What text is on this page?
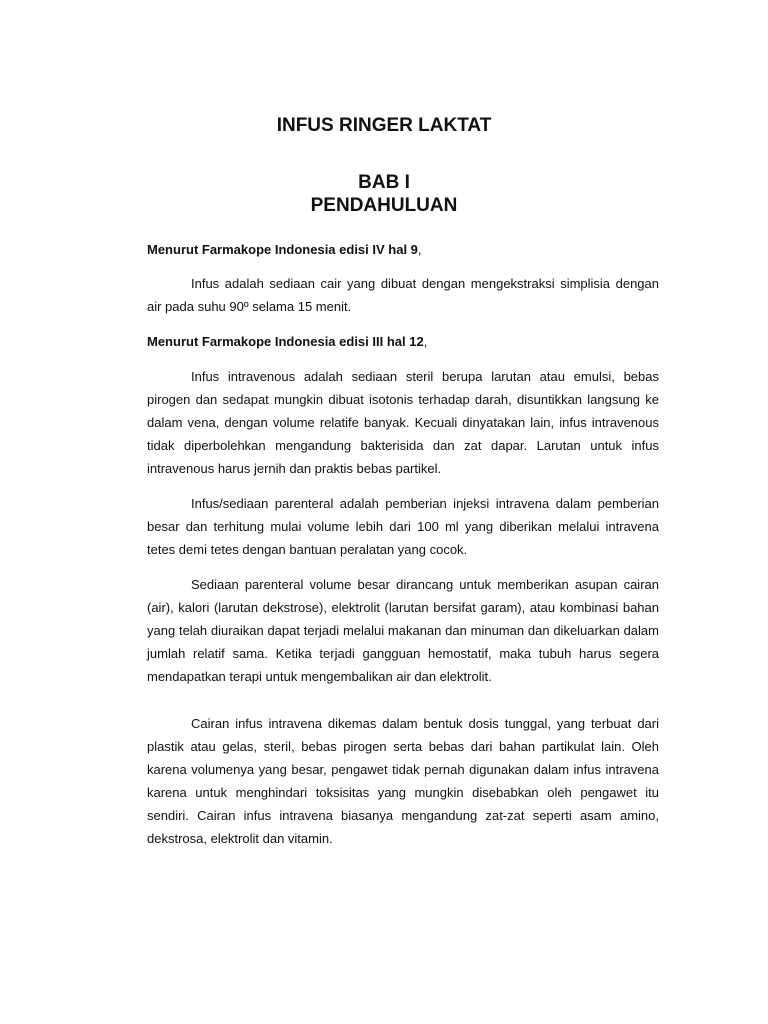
INFUS RINGER LAKTAT
BAB I
PENDAHULUAN

Menurut Farmakope Indonesia edisi IV hal 9,

Infus adalah sediaan cair yang dibuat dengan mengekstraksi simplisia dengan air pada suhu 90º selama 15 menit.

Menurut Farmakope Indonesia edisi III hal 12,

Infus intravenous adalah sediaan steril berupa larutan atau emulsi, bebas pirogen dan sedapat mungkin dibuat isotonis terhadap darah, disuntikkan langsung ke dalam vena, dengan volume relatife banyak. Kecuali dinyatakan lain, infus intravenous tidak diperbolehkan mengandung bakterisida dan zat dapar. Larutan untuk infus intravenous harus jernih dan praktis bebas partikel.

Infus/sediaan parenteral adalah pemberian injeksi intravena dalam pemberian besar dan terhitung mulai volume lebih dari 100 ml yang diberikan melalui intravena tetes demi tetes dengan bantuan peralatan yang cocok.

Sediaan parenteral volume besar dirancang untuk memberikan asupan cairan (air), kalori (larutan dekstrose), elektrolit (larutan bersifat garam), atau kombinasi bahan yang telah diuraikan dapat terjadi melalui makanan dan minuman dan dikeluarkan dalam jumlah relatif sama. Ketika terjadi gangguan hemostatif, maka tubuh harus segera mendapatkan terapi untuk mengembalikan air dan elektrolit.

Cairan infus intravena dikemas dalam bentuk dosis tunggal, yang terbuat dari plastik atau gelas, steril, bebas pirogen serta bebas dari bahan partikulat lain. Oleh karena volumenya yang besar, pengawet tidak pernah digunakan dalam infus intravena karena untuk menghindari toksisitas yang mungkin disebabkan oleh pengawet itu sendiri. Cairan infus intravena biasanya mengandung zat-zat seperti asam amino, dekstrosa, elektrolit dan vitamin.
